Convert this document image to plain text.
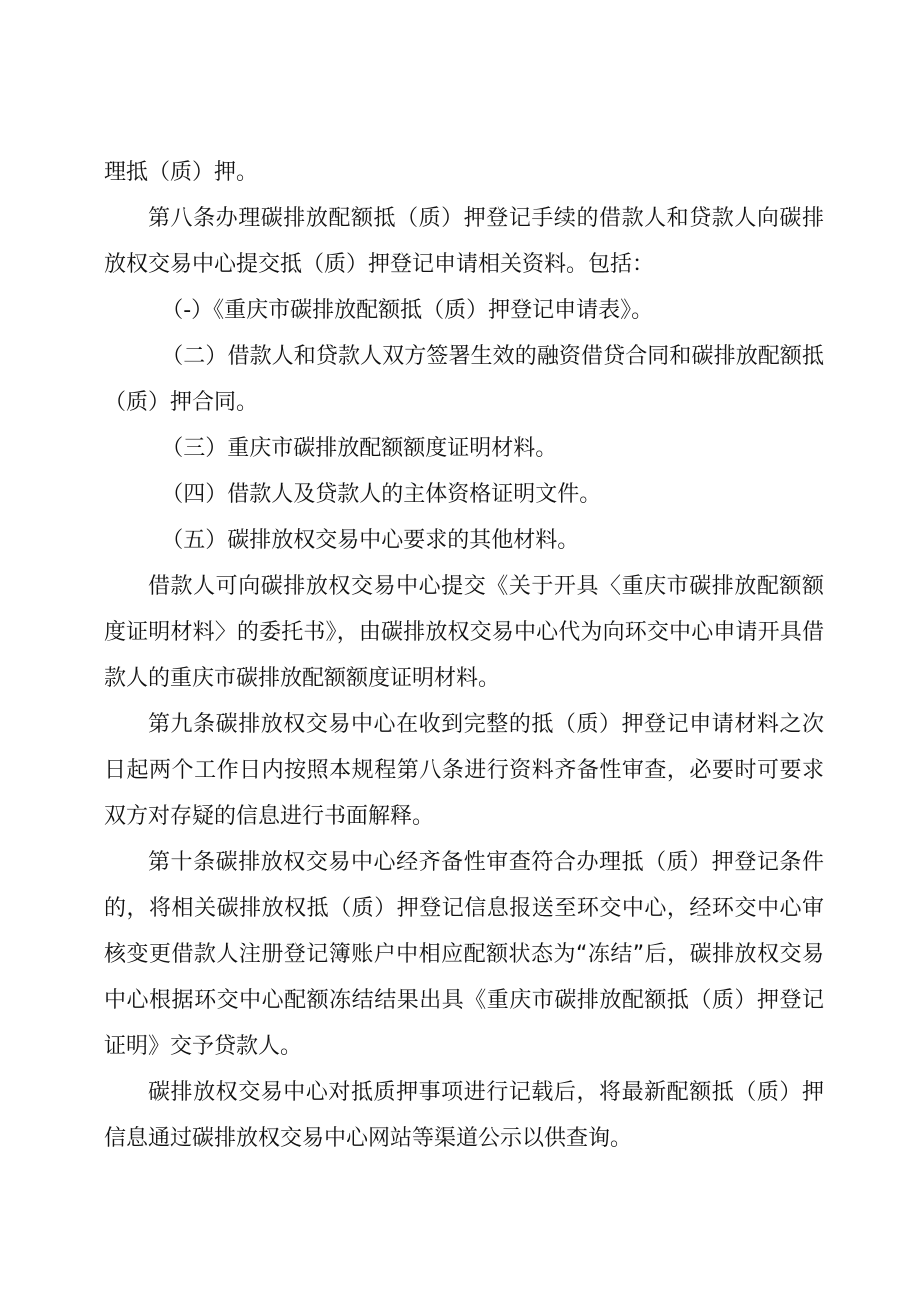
理抵（质）押。

第八条办理碳排放配额抵（质）押登记手续的借款人和贷款人向碳排放权交易中心提交抵（质）押登记申请相关资料。包括：

（-）《重庆市碳排放配额抵（质）押登记申请表》。

（二）借款人和贷款人双方签署生效的融资借贷合同和碳排放配额抵（质）押合同。

（三）重庆市碳排放配额额度证明材料。

（四）借款人及贷款人的主体资格证明文件。

（五）碳排放权交易中心要求的其他材料。

借款人可向碳排放权交易中心提交《关于开具〈重庆市碳排放配额额度证明材料〉的委托书》，由碳排放权交易中心代为向环交中心申请开具借款人的重庆市碳排放配额额度证明材料。

第九条碳排放权交易中心在收到完整的抵（质）押登记申请材料之次日起两个工作日内按照本规程第八条进行资料齐备性审查，必要时可要求双方对存疑的信息进行书面解释。

第十条碳排放权交易中心经齐备性审查符合办理抵（质）押登记条件的，将相关碳排放权抵（质）押登记信息报送至环交中心，经环交中心审核变更借款人注册登记簿账户中相应配额状态为“冻结”后，碳排放权交易中心根据环交中心配额冻结结果出具《重庆市碳排放配额抵（质）押登记证明》交予贷款人。

碳排放权交易中心对抵质押事项进行记载后，将最新配额抵（质）押信息通过碳排放权交易中心网站等渠道公示以供查询。
